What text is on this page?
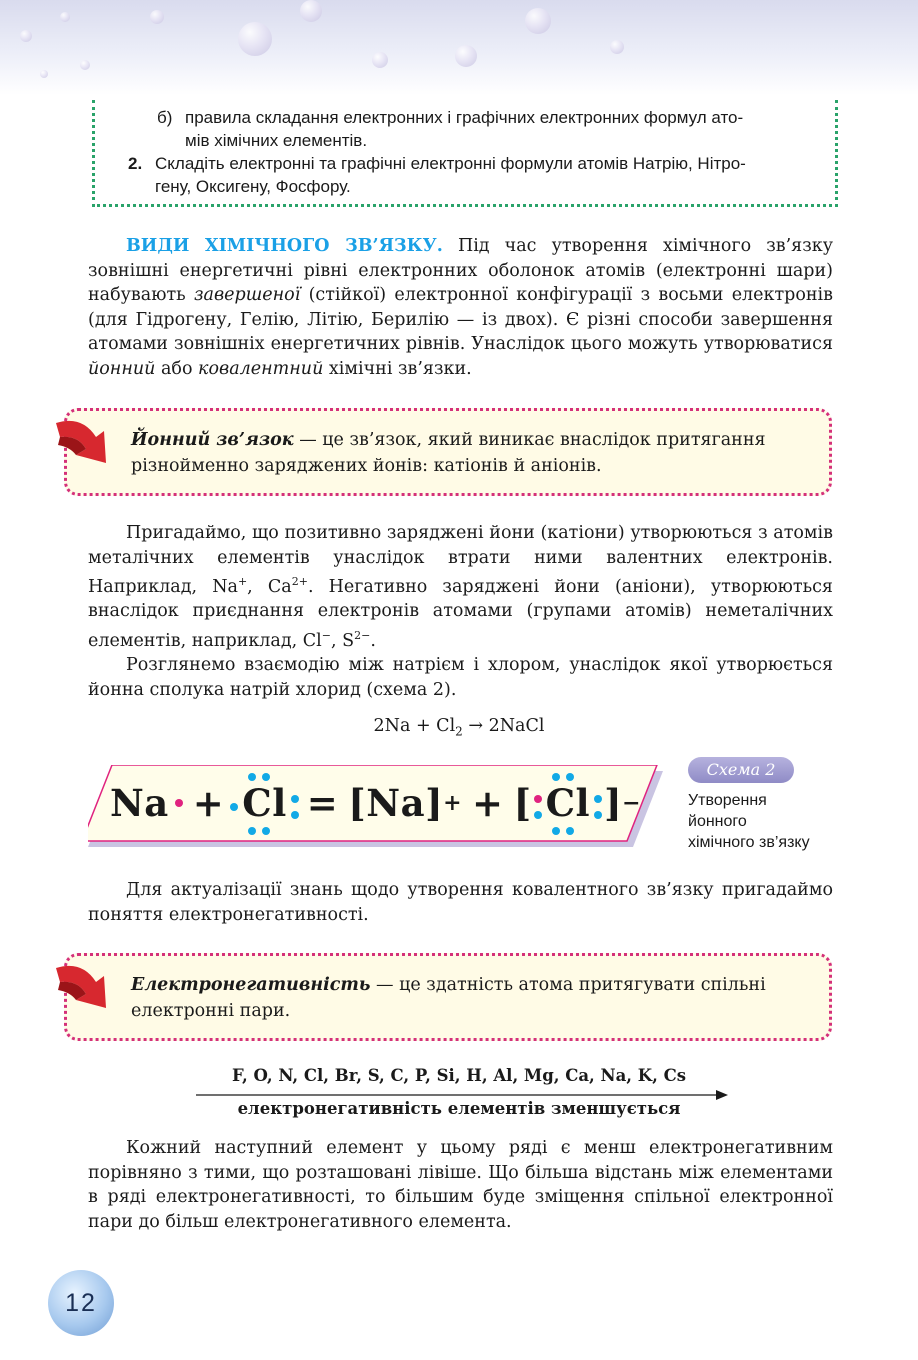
б) правила складання електронних і графічних електронних формул ато-
мів хімічних елементів.
2. Складіть електронні та графічні електронні формули атомів Натрію, Нітро-
гену, Оксигену, Фосфору.
ВИДИ ХІМІЧНОГО ЗВ’ЯЗКУ. Під час утворення хімічного зв’язку зовнішні енергетичні рівні електронних оболонок атомів (електронні шари) набувають завершеної (стійкої) електронної конфігурації з восьми електронів (для Гідрогену, Гелію, Літію, Берилію — із двох). Є різні способи завершення атомами зовнішніх енергетичних рівнів. Унаслідок цього можуть утворюватися йонний або ковалентний хімічні зв’язки.
Йонний зв’язок — це зв’язок, який виникає внаслідок притягання різнойменно заряджених йонів: катіонів й аніонів.

Пригадаймо, що позитивно заряджені йони (катіони) утворюються з атомів металічних елементів унаслідок втрати ними валентних електронів. Наприклад, Na+, $Ca^{2+}$. Негативно заряджені йони (аніони), утворюються внаслідок приєднання електронів атомами (групами атомів) неметалічних елементів, наприклад, Cl−, $S^{2-}$.

Розглянемо взаємодію між натрієм і хлором, унаслідок якої утворюється йонна сполука натрій хлорид (схема 2).

$2Na + Cl_2$ → 2NaCl
Na + Cl = [Na] + + [ Cl ] −
Схема 2
Утворення
йонного
хімічного зв’язку
Для актуалізації знань щодо утворення ковалентного зв’язку пригадаймо поняття електронегативності.
Електронегативність — це здатність атома притягувати спільні електронні пари.
F, O, N, Cl, Br, S, C, P, Si, H, Al, Mg, Ca, Na, K, Cs
електронегативність елементів зменшується
Кожний наступний елемент у цьому ряді є менш електронегативним порівняно з тими, що розташовані лівіше. Що більша відстань між елементами в ряді електронегативності, то більшим буде зміщення спільної електронної пари до більш електронегативного елемента.
12
